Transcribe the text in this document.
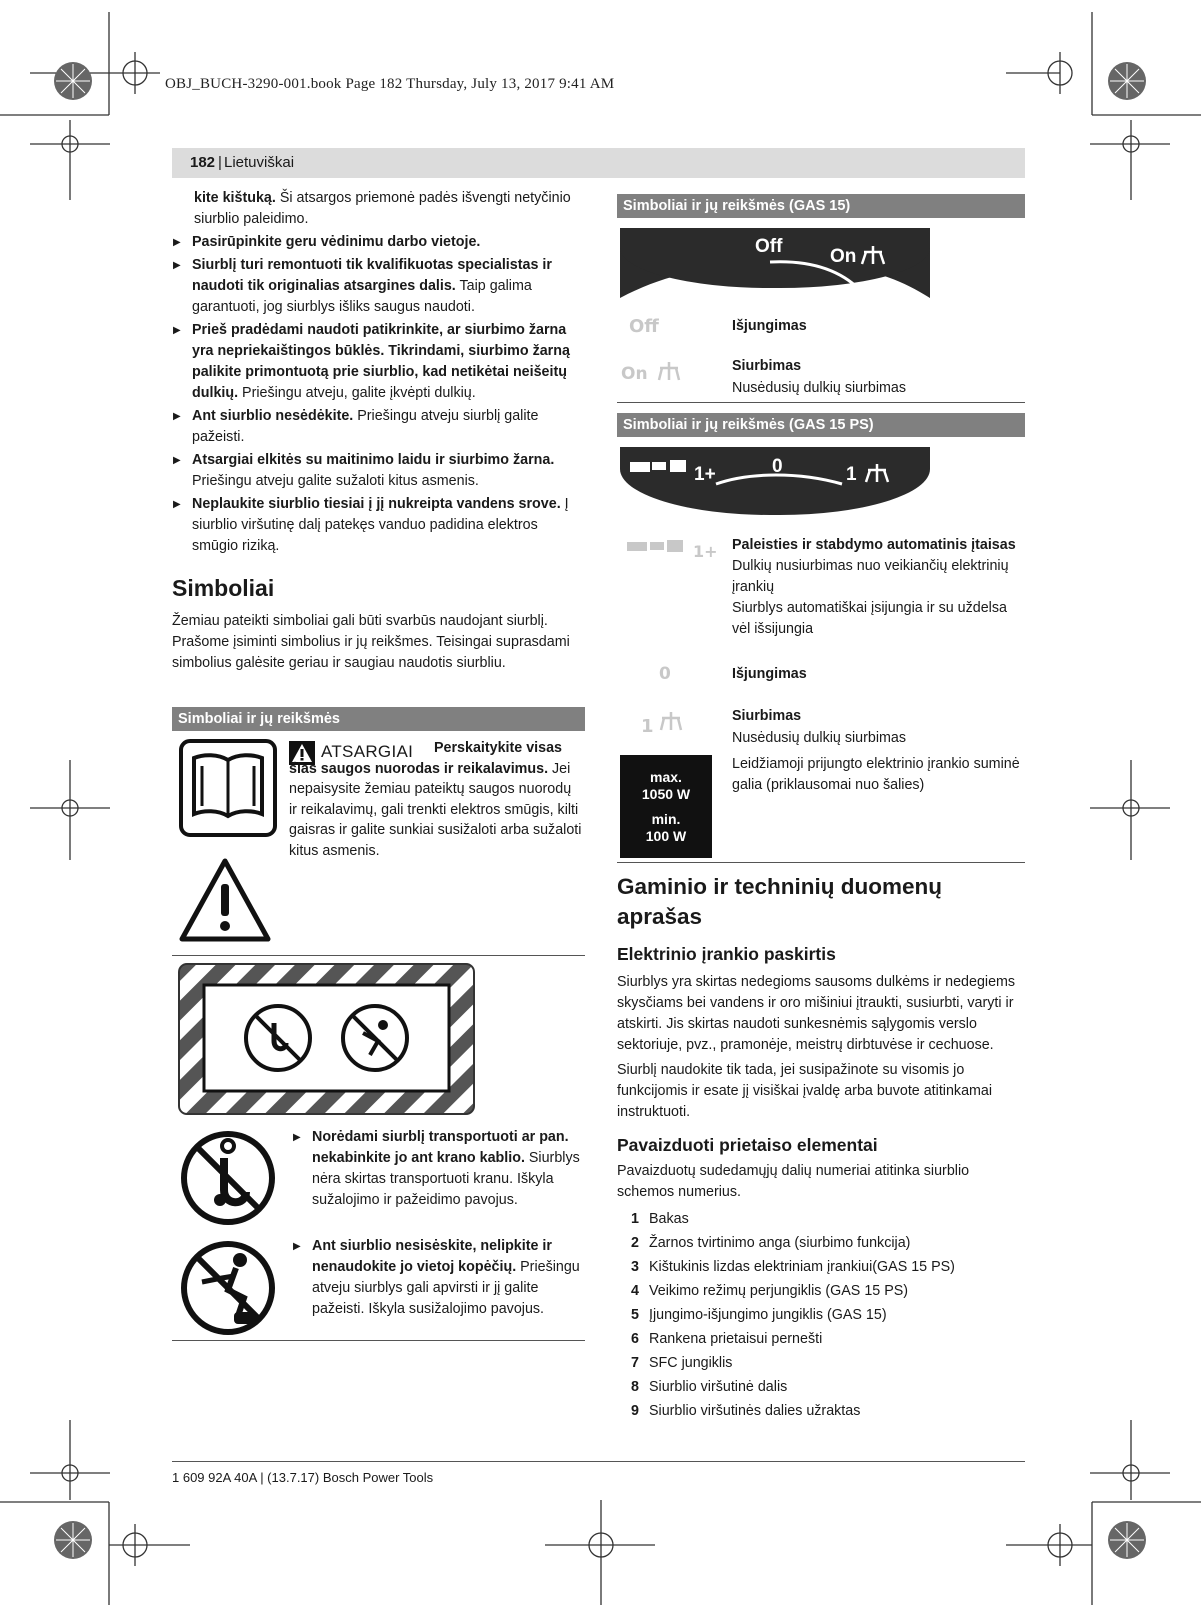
OBJ_BUCH-3290-001.book Page 182 Thursday, July 13, 2017 9:41 AM
182 | Lietuviškai

kite kištuką. Ši atsargos priemonė padės išvengti netyčinio siurblio paleidimo.

▶ Pasirūpinkite geru vėdinimu darbo vietoje.

▶ Siurblį turi remontuoti tik kvalifikuotas specialistas ir naudoti tik originalias atsargines dalis. Taip galima garantuoti, jog siurblys išliks saugus naudoti.

▶ Prieš pradėdami naudoti patikrinkite, ar siurbimo žarna yra nepriekaištingos būklės. Tikrindami, siurbimo žarną palikite primontuotą prie siurblio, kad netikėtai neišeitų dulkių. Priešingu atveju, galite įkvėpti dulkių.

▶ Ant siurblio nesėdėkite. Priešingu atveju siurblį galite pažeisti.

▶ Atsargiai elkitės su maitinimo laidu ir siurbimo žarna. Priešingu atveju galite sužaloti kitus asmenis.

▶ Neplaukite siurblio tiesiai į jį nukreipta vandens srove. Į siurblio viršutinę dalį patekęs vanduo padidina elektros smūgio riziką.

Simboliai

Žemiau pateikti simboliai gali būti svarbūs naudojant siurblį. Prašome įsiminti simbolius ir jų reikšmes. Teisingai suprasdami simbolius galėsite geriau ir saugiau naudotis siurbliu.

Simboliai ir jų reikšmės
ATSARGIAI	Perskaitykite visas šias saugos nuorodas ir reikalavimus. Jei nepaisysite žemiau pateiktų saugos nuorodų ir reikalavimų, gali trenkti elektros smūgis, kilti gaisras ir galite sunkiai susižaloti arba sužaloti kitus asmenis.

▶ Norėdami siurblį transportuoti ar pan. nekabinkite jo ant krano kablio. Siurblys nėra skirtas transportuoti kranu. Iškyla sužalojimo ir pažeidimo pavojus.

▶ Ant siurblio nesisėskite, nelipkite ir nenaudokite jo vietoj kopėčių. Priešingu atveju siurblys gali apvirsti ir jį galite pažeisti. Iškyla susižalojimo pavojus.

Simboliai ir jų reikšmės (GAS 15)
Off	On
Off	Išjungimas
On	Siurbimas
Nusėdusių dulkių siurbimas
Simboliai ir jų reikšmės (GAS 15 PS)
1+	0	1
1+ Paleisties ir stabdymo automatinis įtaisas
Dulkių nusiurbimas nuo veikiančių elektrinių įrankių
Siurblys automatiškai įsijungia ir su uždelsa vėl išsijungia
0	Išjungimas
1	Siurbimas
Nusėdusių dulkių siurbimas
max.
1050 W
min.
100 W
Leidžiamoji prijungto elektrinio įrankio suminė galia (priklausomai nuo šalies)
Gaminio ir techninių duomenų aprašas
Elektrinio įrankio paskirtis

Siurblys yra skirtas nedegioms sausoms dulkėms ir nedegiems skysčiams bei vandens ir oro mišiniui įtraukti, susiurbti, varyti ir atskirti. Jis skirtas naudoti sunkesnėmis sąlygomis verslo sektoriuje, pvz., pramonėje, meistrų dirbtuvėse ir cechuose.

Siurblį naudokite tik tada, jei susipažinote su visomis jo funkcijomis ir esate jį visiškai įvaldę arba buvote atitinkamai instruktuoti.

Pavaizduoti prietaiso elementai

Pavaizduotų sudedamųjų dalių numeriai atitinka siurblio schemos numerius.

1 Bakas
2 Žarnos tvirtinimo anga (siurbimo funkcija)
3 Kištukinis lizdas elektriniam įrankiui(GAS 15 PS)
4 Veikimo režimų perjungiklis (GAS 15 PS)
5 Įjungimo-išjungimo jungiklis (GAS 15)
6 Rankena prietaisui pernešti
7 SFC jungiklis
8 Siurblio viršutinė dalis
9 Siurblio viršutinės dalies užraktas
1 609 92A 40A | (13.7.17) Bosch Power Tools
